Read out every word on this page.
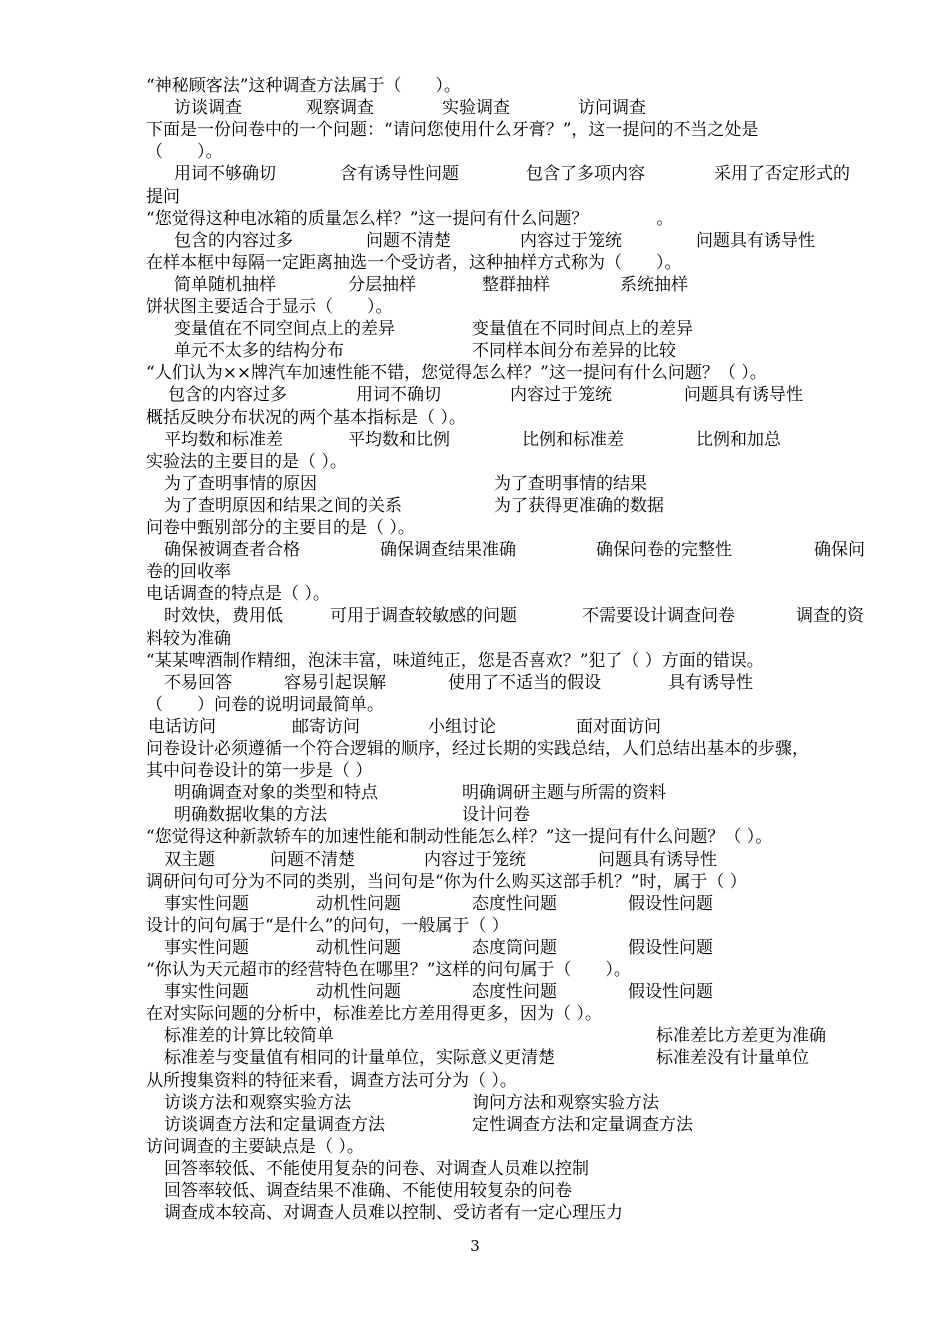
“神秘顾客法”这种调查方法属于（　　）。
访谈调查	观察调查	实验调查	访问调查
下面是一份问卷中的一个问题：“请问您使用什么牙膏？”，这一提问的不当之处是
（　　）。
用词不够确切	含有诱导性问题	包含了多项内容	采用了否定形式的
提问
“您觉得这种电冰箱的质量怎么样？”这一提问有什么问题？　　　　。
包含的内容过多	问题不清楚	内容过于笼统	问题具有诱导性
在样本框中每隔一定距离抽选一个受访者，这种抽样方式称为（　　）。
简单随机抽样	分层抽样	整群抽样	系统抽样
饼状图主要适合于显示（　　）。
变量值在不同空间点上的差异	变量值在不同时间点上的差异
单元不太多的结构分布	不同样本间分布差异的比较
“人们认为××牌汽车加速性能不错，您觉得怎么样？”这一提问有什么问题？（ ）。
包含的内容过多	用词不确切	内容过于笼统	问题具有诱导性
概括反映分布状况的两个基本指标是（ ）。
平均数和标准差	平均数和比例	比例和标准差	比例和加总
实验法的主要目的是（ ）。
为了查明事情的原因	为了查明事情的结果
为了查明原因和结果之间的关系	为了获得更准确的数据
问卷中甄别部分的主要目的是（ ）。
确保被调查者合格	确保调查结果准确	确保问卷的完整性	确保问
卷的回收率
电话调查的特点是（ ）。
时效快，费用低	可用于调查较敏感的问题	不需要设计调查问卷	调查的资
料较为准确
“某某啤酒制作精细，泡沫丰富，味道纯正，您是否喜欢？”犯了（ ）方面的错误。
不易回答	容易引起误解	使用了不适当的假设	具有诱导性
（　　）问卷的说明词最简单。
电话访问	邮寄访问	小组讨论	面对面访问
问卷设计必须遵循一个符合逻辑的顺序，经过长期的实践总结，人们总结出基本的步骤，
其中问卷设计的第一步是（ ）
明确调查对象的类型和特点	明确调研主题与所需的资料
明确数据收集的方法	设计问卷
“您觉得这种新款轿车的加速性能和制动性能怎么样？”这一提问有什么问题？（ ）。
双主题	问题不清楚	内容过于笼统	问题具有诱导性
调研问句可分为不同的类别，当问句是“你为什么购买这部手机？”时，属于（ ）
事实性问题	动机性问题	态度性问题	假设性问题
设计的问句属于“是什么”的问句，一般属于（ ）
事实性问题	动机性问题	态度筒问题	假设性问题
“你认为天元超市的经营特色在哪里？”这样的问句属于（　　）。
事实性问题	动机性问题	态度性问题	假设性问题
在对实际问题的分析中，标准差比方差用得更多，因为（ ）。
标准差的计算比较简单	标准差比方差更为准确
标准差与变量值有相同的计量单位，实际意义更清楚	标准差没有计量单位
从所搜集资料的特征来看，调查方法可分为（ ）。
访谈方法和观察实验方法	询问方法和观察实验方法
访谈调查方法和定量调查方法	定性调查方法和定量调查方法
访问调查的主要缺点是（ ）。
回答率较低、不能使用复杂的问卷、对调查人员难以控制
回答率较低、调查结果不准确、不能使用较复杂的问卷
调查成本较高、对调查人员难以控制、受访者有一定心理压力
3
